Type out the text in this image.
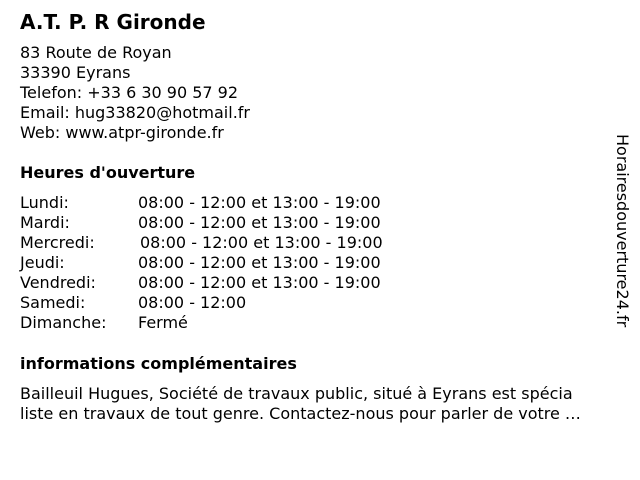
A.T. P. R Gironde
83 Route de Royan
33390 Eyrans
Telefon: +33 6 30 90 57 92
Email: hug33820@hotmail.fr
Web: www.atpr-gironde.fr
Heures d'ouverture
Lundi:	08:00 - 12:00 et 13:00 - 19:00
Mardi:	08:00 - 12:00 et 13:00 - 19:00
Mercredi:	08:00 - 12:00 et 13:00 - 19:00
Jeudi:	08:00 - 12:00 et 13:00 - 19:00
Vendredi:	08:00 - 12:00 et 13:00 - 19:00
Samedi:	08:00 - 12:00
Dimanche: Fermé
informations complémentaires
Bailleuil Hugues, Société de travaux public, situé à Eyrans est spécia
liste en travaux de tout genre. Contactez-nous pour parler de votre …
Horairesdouverture24.fr
